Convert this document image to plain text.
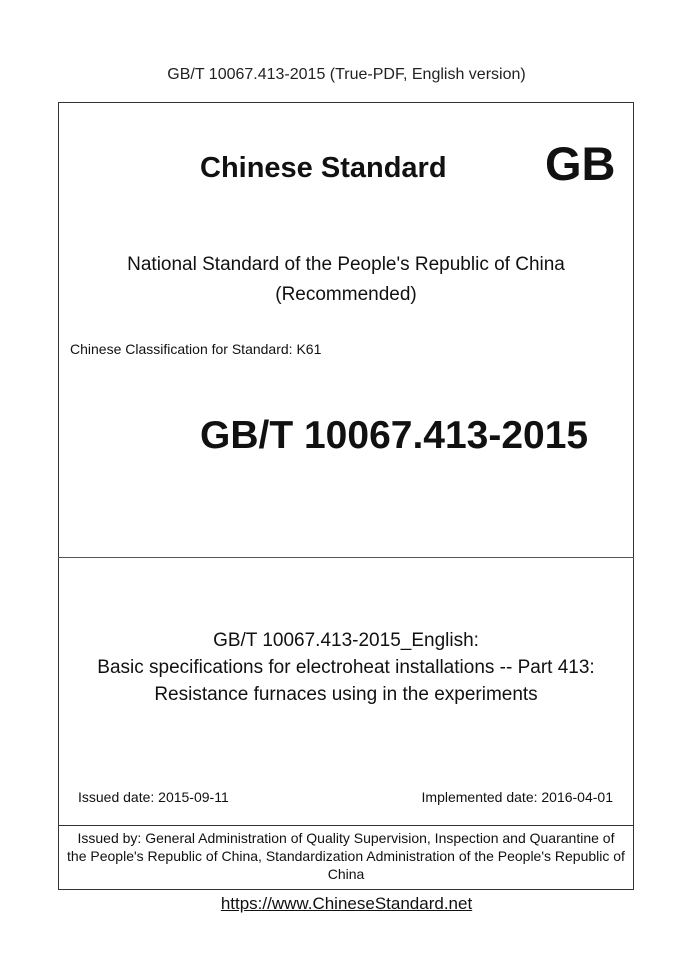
GB/T 10067.413-2015 (True-PDF, English version)
Chinese Standard GB
National Standard of the People's Republic of China
(Recommended)
Chinese Classification for Standard: K61
GB/T 10067.413-2015
GB/T 10067.413-2015_English:
Basic specifications for electroheat installations -- Part 413:
Resistance furnaces using in the experiments
Issued date: 2015-09-11	Implemented date: 2016-04-01
Issued by: General Administration of Quality Supervision, Inspection and Quarantine of
the People's Republic of China, Standardization Administration of the People's Republic of
China
https://www.ChineseStandard.net
